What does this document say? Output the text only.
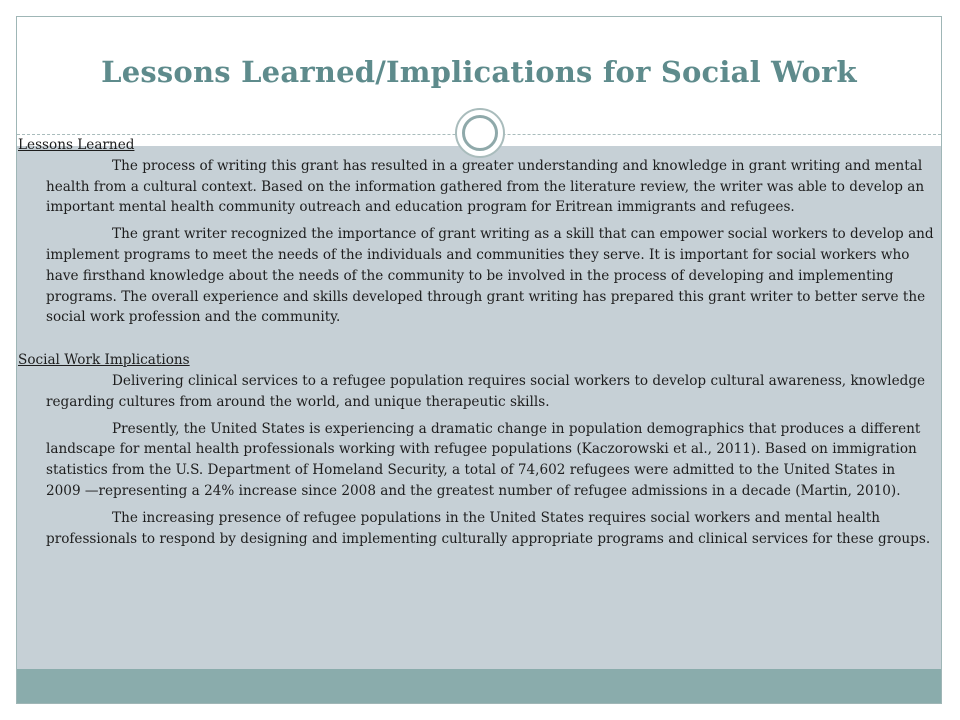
Lessons Learned/Implications for Social Work

Lessons Learned

The process of writing this grant has resulted in a greater understanding and knowledge in grant writing and mental health from a cultural context. Based on the information gathered from the literature review, the writer was able to develop an important mental health community outreach and education program for Eritrean immigrants and refugees.

The grant writer recognized the importance of grant writing as a skill that can empower social workers to develop and implement programs to meet the needs of the individuals and communities they serve. It is important for social workers who have firsthand knowledge about the needs of the community to be involved in the process of developing and implementing programs. The overall experience and skills developed through grant writing has prepared this grant writer to better serve the social work profession and the community.

Social Work Implications

Delivering clinical services to a refugee population requires social workers to develop cultural awareness, knowledge regarding cultures from around the world, and unique therapeutic skills.

Presently, the United States is experiencing a dramatic change in population demographics that produces a different landscape for mental health professionals working with refugee populations (Kaczorowski et al., 2011). Based on immigration statistics from the U.S. Department of Homeland Security, a total of 74,602 refugees were admitted to the United States in 2009 —representing a 24% increase since 2008 and the greatest number of refugee admissions in a decade (Martin, 2010).

The increasing presence of refugee populations in the United States requires social workers and mental health professionals to respond by designing and implementing culturally appropriate programs and clinical services for these groups.
